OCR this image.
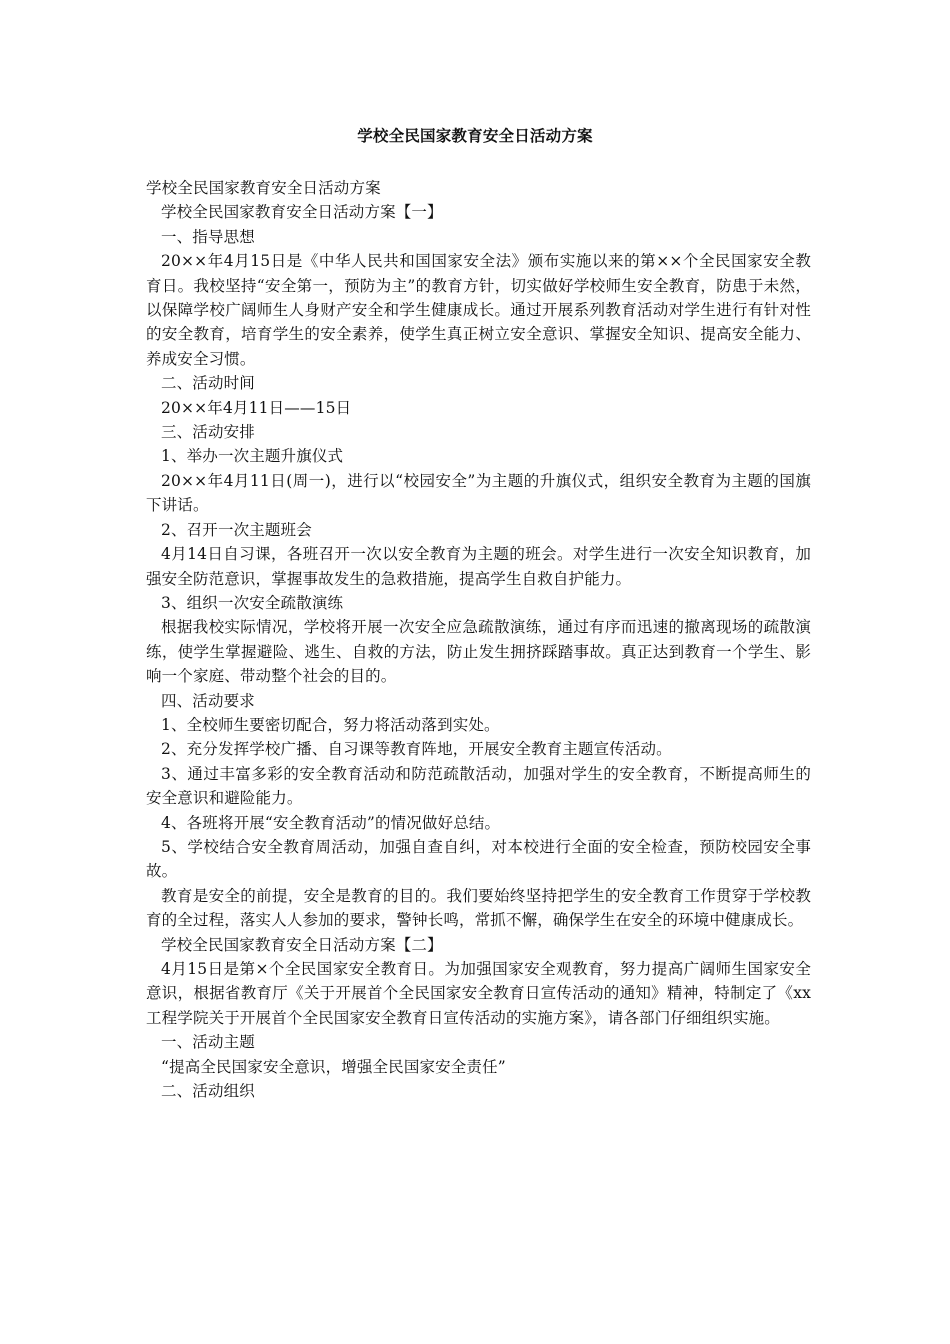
学校全民国家教育安全日活动方案

学校全民国家教育安全日活动方案

学校全民国家教育安全日活动方案【一】

一、指导思想

20××年4月15日是《中华人民共和国国家安全法》颁布实施以来的第××个全民国家安全教育日。我校坚持“安全第一，预防为主”的教育方针，切实做好学校师生安全教育，防患于未然，以保障学校广阔师生人身财产安全和学生健康成长。通过开展系列教育活动对学生进行有针对性的安全教育，培育学生的安全素养，使学生真正树立安全意识、掌握安全知识、提高安全能力、养成安全习惯。

二、活动时间

20××年4月11日——15日

三、活动安排

1、举办一次主题升旗仪式

20××年4月11日(周一)，进行以“校园安全”为主题的升旗仪式，组织安全教育为主题的国旗下讲话。

2、召开一次主题班会

4月14日自习课，各班召开一次以安全教育为主题的班会。对学生进行一次安全知识教育，加强安全防范意识，掌握事故发生的急救措施，提高学生自救自护能力。

3、组织一次安全疏散演练

根据我校实际情况，学校将开展一次安全应急疏散演练，通过有序而迅速的撤离现场的疏散演练，使学生掌握避险、逃生、自救的方法，防止发生拥挤踩踏事故。真正达到教育一个学生、影响一个家庭、带动整个社会的目的。

四、活动要求

1、全校师生要密切配合，努力将活动落到实处。

2、充分发挥学校广播、自习课等教育阵地，开展安全教育主题宣传活动。

3、通过丰富多彩的安全教育活动和防范疏散活动，加强对学生的安全教育，不断提高师生的安全意识和避险能力。

4、各班将开展“安全教育活动”的情况做好总结。

5、学校结合安全教育周活动，加强自查自纠，对本校进行全面的安全检查，预防校园安全事故。

教育是安全的前提，安全是教育的目的。我们要始终坚持把学生的安全教育工作贯穿于学校教育的全过程，落实人人参加的要求，警钟长鸣，常抓不懈，确保学生在安全的环境中健康成长。

学校全民国家教育安全日活动方案【二】

4月15日是第×个全民国家安全教育日。为加强国家安全观教育，努力提高广阔师生国家安全意识，根据省教育厅《关于开展首个全民国家安全教育日宣传活动的通知》精神，特制定了《xx工程学院关于开展首个全民国家安全教育日宣传活动的实施方案》，请各部门仔细组织实施。

一、活动主题

“提高全民国家安全意识，增强全民国家安全责任”

二、活动组织
